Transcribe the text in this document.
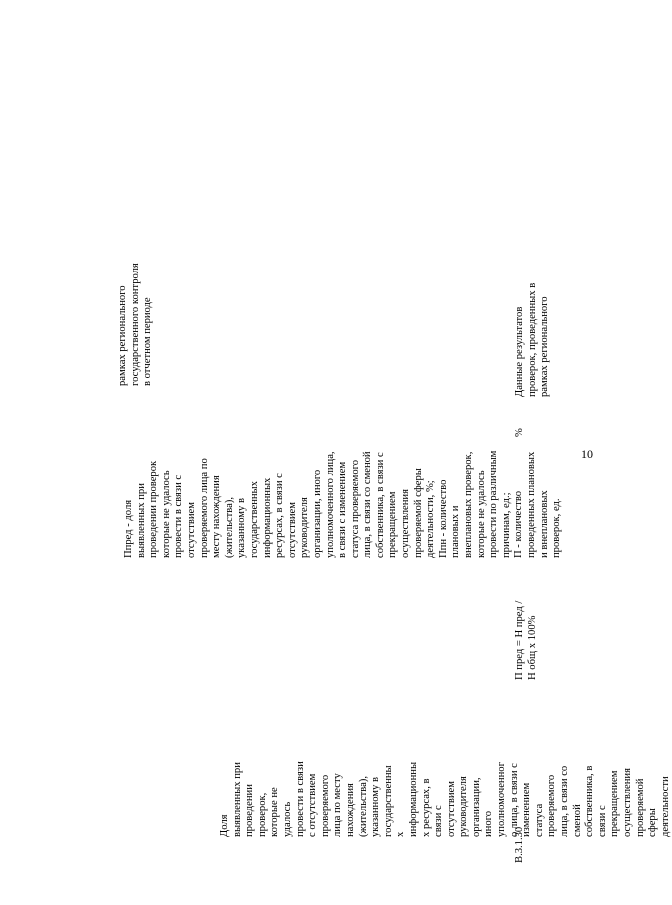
10
В.3.1.30
Доля
выявленных при
проведении
проверок,
которые не
удалось
провести в связи
с отсутствием
проверяемого
лица по месту
нахождения
(жительства),
указанному в
государственны
х
информационны
х ресурсах, в
связи с
отсутствием
руководителя
организации,
иного
уполномоченног
о лица, в связи с
изменением
статуса
проверяемого
лица, в связи со
сменой
собственника, в
связи с
прекращением
осуществления
проверяемой
сферы
деятельности
П пред = Н пред /
Н общ х 100%
Ппред - доля
выявленных при
проведении проверок
которые не удалось
провести в связи с
отсутствием
проверяемого лица по
месту нахождения
(жительства),
указанному в
государственных
информационных
ресурсах, в связи с
отсутствием
руководителя
организации, иного
уполномоченного лица,
в связи с изменением
статуса проверяемого
лица, в связи со сменой
собственника, в связи с
прекращением
осуществления
проверяемой сферы
деятельности, %;
Ппн - количество
плановых и
внеплановых проверок,
которые не удалось
провести по различным
причинам, ед.;
П - количество
проведенных плановых
и внеплановых
проверок, ед.
%
Данные результатов
проверок, проведенных в
рамках регионального
рамках регионального
государственного контроля
в отчетном периоде
